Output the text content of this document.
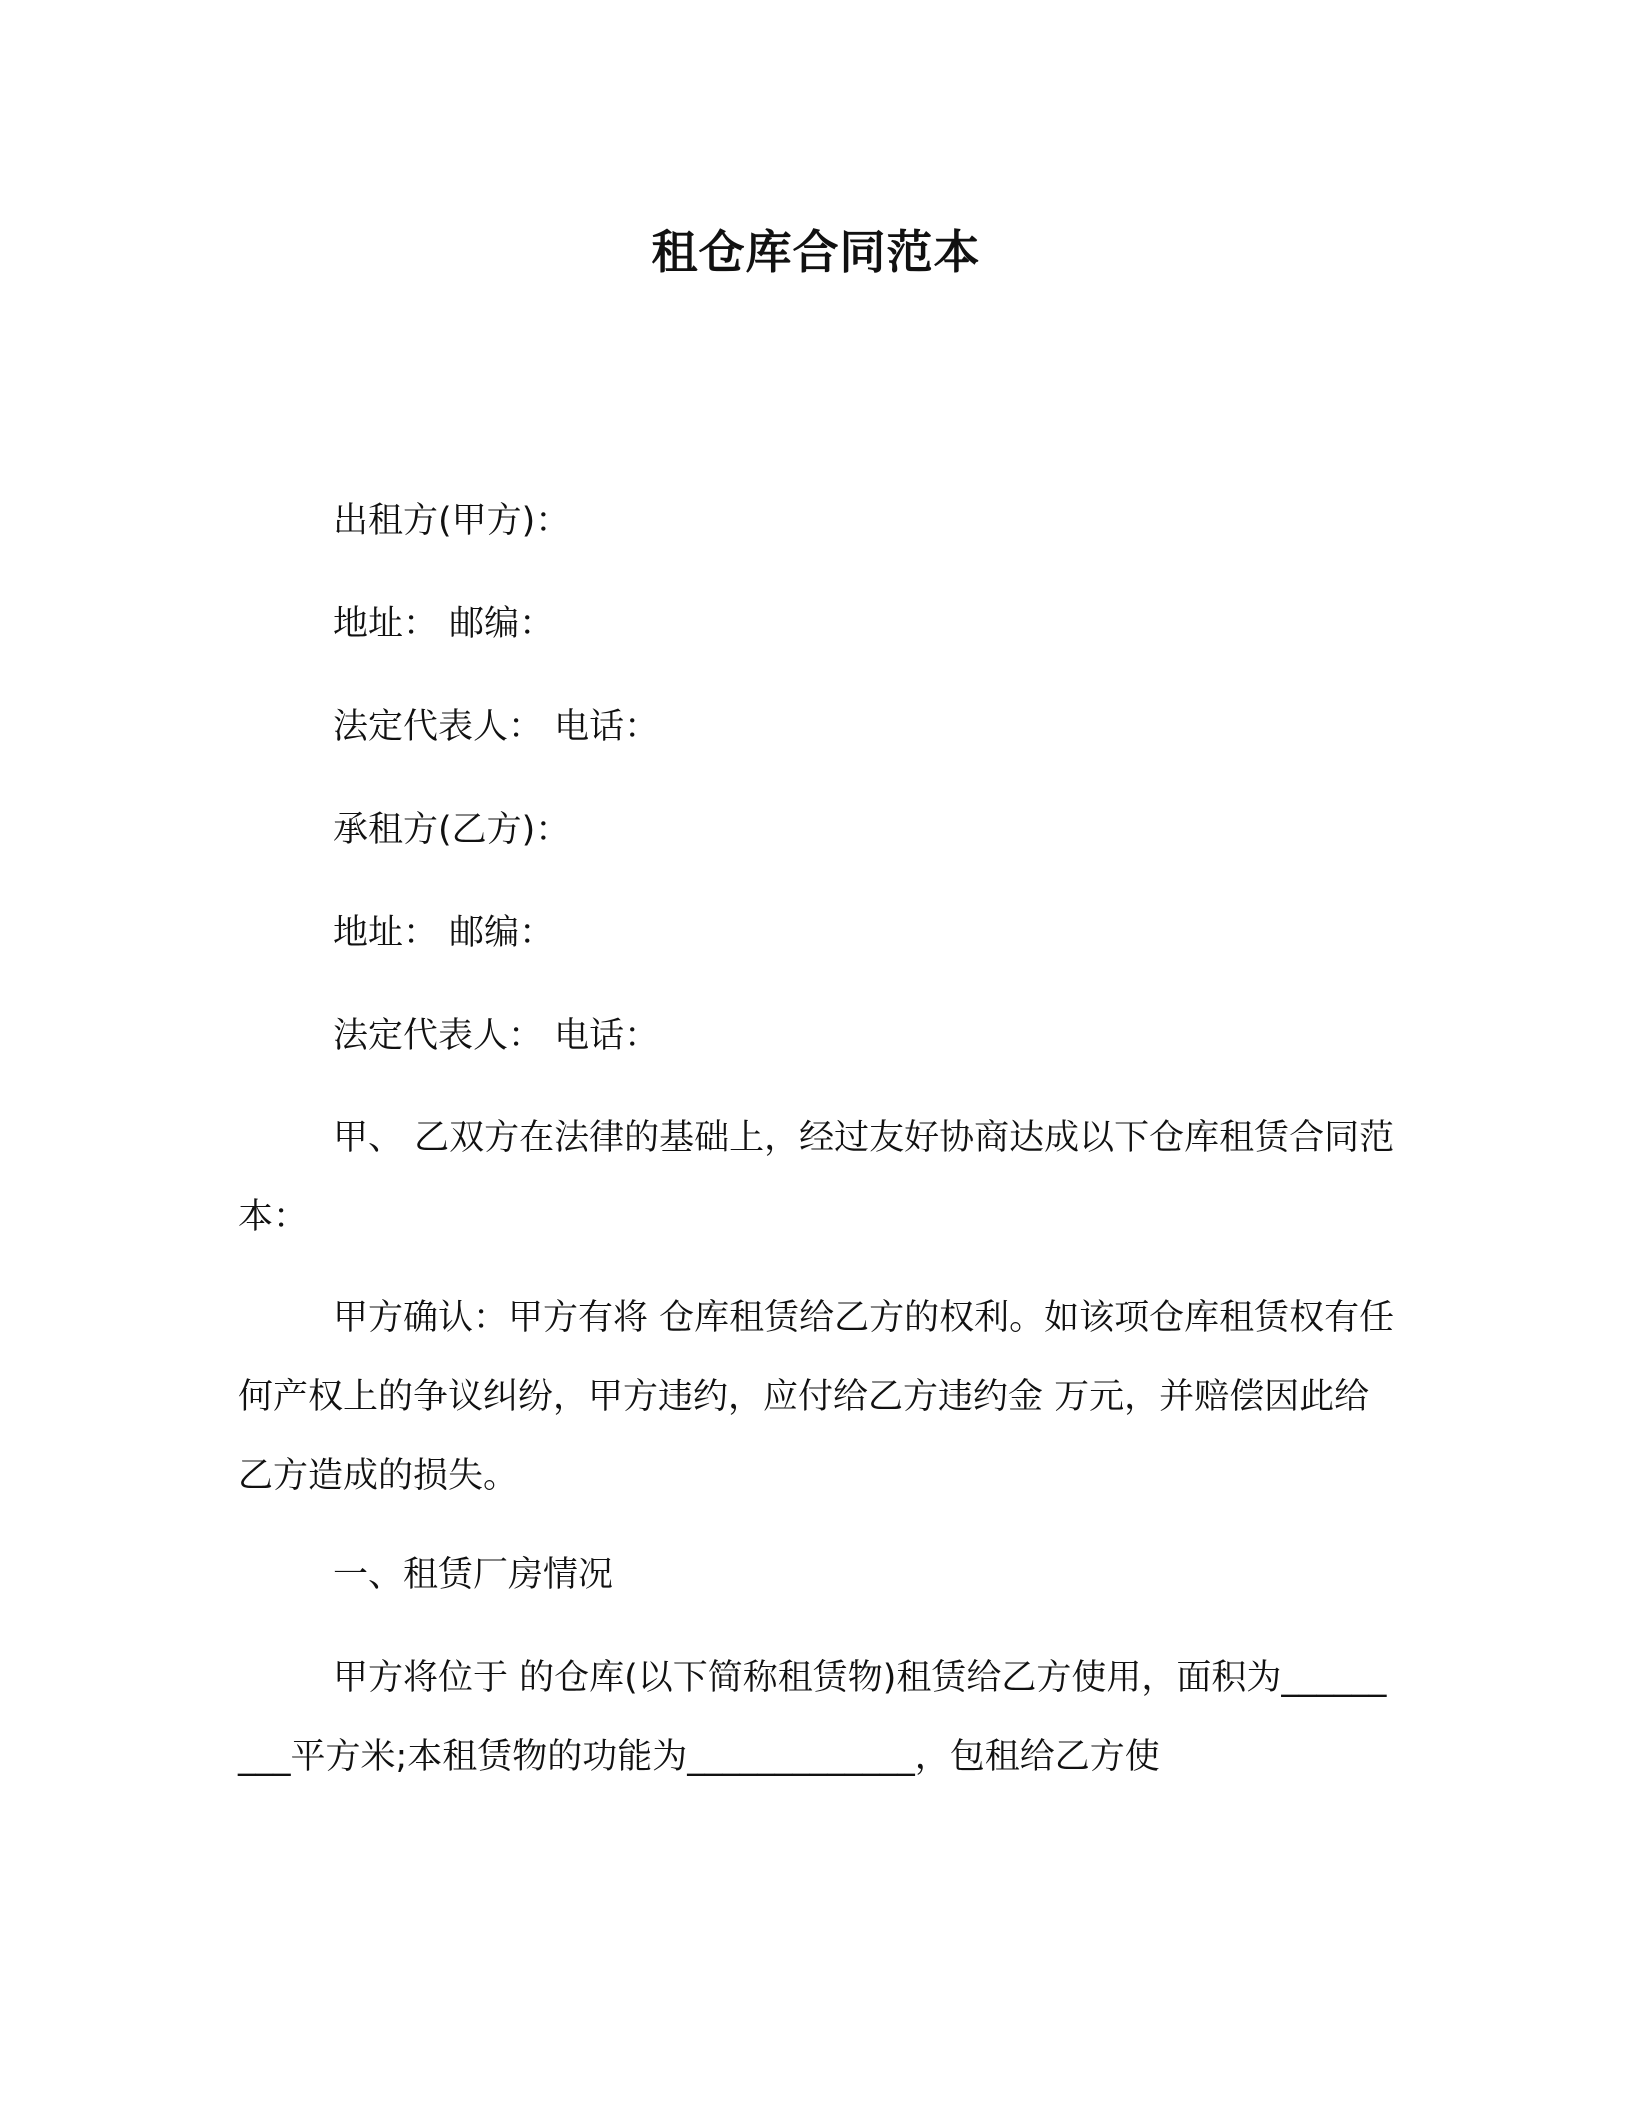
租仓库合同范本
出租方(甲方)：
地址： 邮编：
法定代表人： 电话：
承租方(乙方)：
地址： 邮编：
法定代表人： 电话：
甲、 乙双方在法律的基础上，经过友好协商达成以下仓库租赁合同范本：
甲方确认：甲方有将 仓库租赁给乙方的权利。如该项仓库租赁权有任何产权上的争议纠纷，甲方违约，应付给乙方违约金 万元，并赔偿因此给乙方造成的损失。
一、租赁厂房情况
甲方将位于 的仓库(以下简称租赁物)租赁给乙方使用，面积为_________平方米;本租赁物的功能为_____________，包租给乙方使
